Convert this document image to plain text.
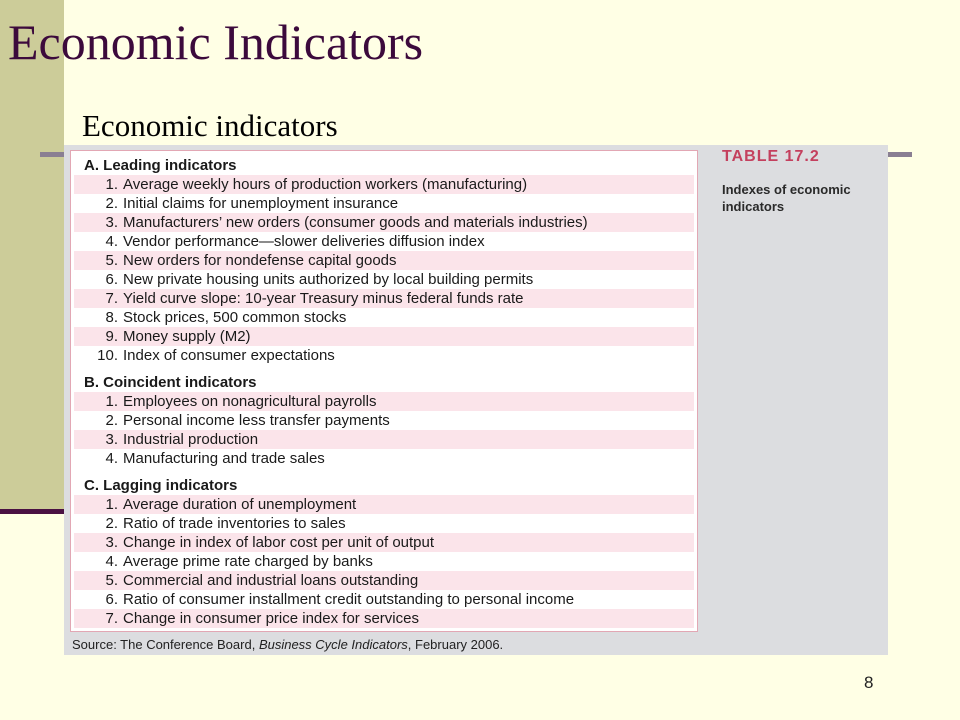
Economic Indicators
Economic indicators
A. Leading indicators
1. Average weekly hours of production workers (manufacturing)
2. Initial claims for unemployment insurance
3. Manufacturers’ new orders (consumer goods and materials industries)
4. Vendor performance—slower deliveries diffusion index
5. New orders for nondefense capital goods
6. New private housing units authorized by local building permits
7. Yield curve slope: 10-year Treasury minus federal funds rate
8. Stock prices, 500 common stocks
9. Money supply (M2)
10. Index of consumer expectations
B. Coincident indicators
1. Employees on nonagricultural payrolls
2. Personal income less transfer payments
3. Industrial production
4. Manufacturing and trade sales
C. Lagging indicators
1. Average duration of unemployment
2. Ratio of trade inventories to sales
3. Change in index of labor cost per unit of output
4. Average prime rate charged by banks
5. Commercial and industrial loans outstanding
6. Ratio of consumer installment credit outstanding to personal income
7. Change in consumer price index for services
TABLE 17.2
Indexes of economic indicators
Source: The Conference Board, Business Cycle Indicators, February 2006.
8
